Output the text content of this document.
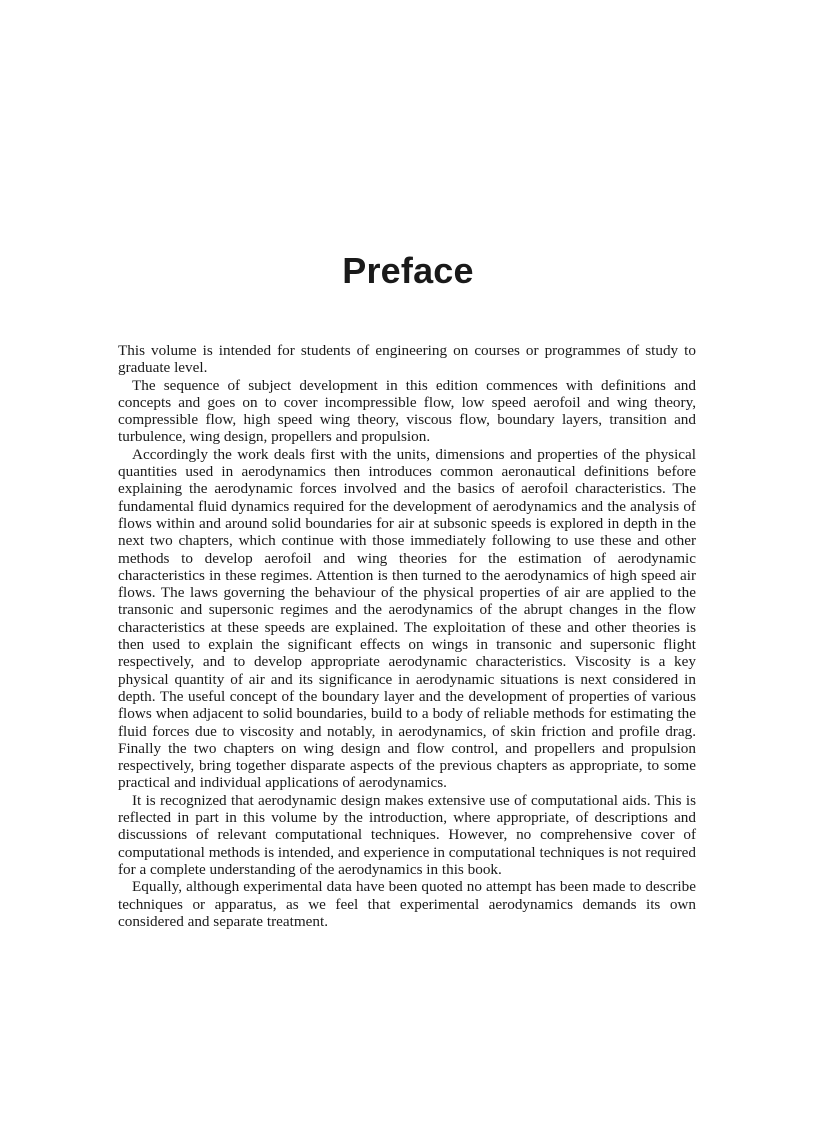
Preface

This volume is intended for students of engineering on courses or programmes of study to graduate level.

The sequence of subject development in this edition commences with definitions and concepts and goes on to cover incompressible flow, low speed aerofoil and wing theory, compressible flow, high speed wing theory, viscous flow, boundary layers, transition and turbulence, wing design, propellers and propulsion.

Accordingly the work deals first with the units, dimensions and properties of the physical quantities used in aerodynamics then introduces common aeronautical definitions before explaining the aerodynamic forces involved and the basics of aerofoil characteristics. The fundamental fluid dynamics required for the development of aerodynamics and the analysis of flows within and around solid boundaries for air at subsonic speeds is explored in depth in the next two chapters, which continue with those immediately following to use these and other methods to develop aerofoil and wing theories for the estimation of aerodynamic characteristics in these regimes. Attention is then turned to the aerodynamics of high speed air flows. The laws governing the behaviour of the physical properties of air are applied to the transonic and supersonic regimes and the aerodynamics of the abrupt changes in the flow characteristics at these speeds are explained. The exploitation of these and other theories is then used to explain the significant effects on wings in transonic and supersonic flight respectively, and to develop appropriate aerodynamic characteristics. Viscosity is a key physical quantity of air and its significance in aerodynamic situations is next considered in depth. The useful concept of the boundary layer and the development of properties of various flows when adjacent to solid boundaries, build to a body of reliable methods for estimating the fluid forces due to viscosity and notably, in aerodynamics, of skin friction and profile drag. Finally the two chapters on wing design and flow control, and propellers and propulsion respectively, bring together disparate aspects of the previous chapters as appropriate, to some practical and individual applications of aerodynamics.

It is recognized that aerodynamic design makes extensive use of computational aids. This is reflected in part in this volume by the introduction, where appropriate, of descriptions and discussions of relevant computational techniques. However, no comprehensive cover of computational methods is intended, and experience in computational techniques is not required for a complete understanding of the aerodynamics in this book.

Equally, although experimental data have been quoted no attempt has been made to describe techniques or apparatus, as we feel that experimental aerodynamics demands its own considered and separate treatment.
